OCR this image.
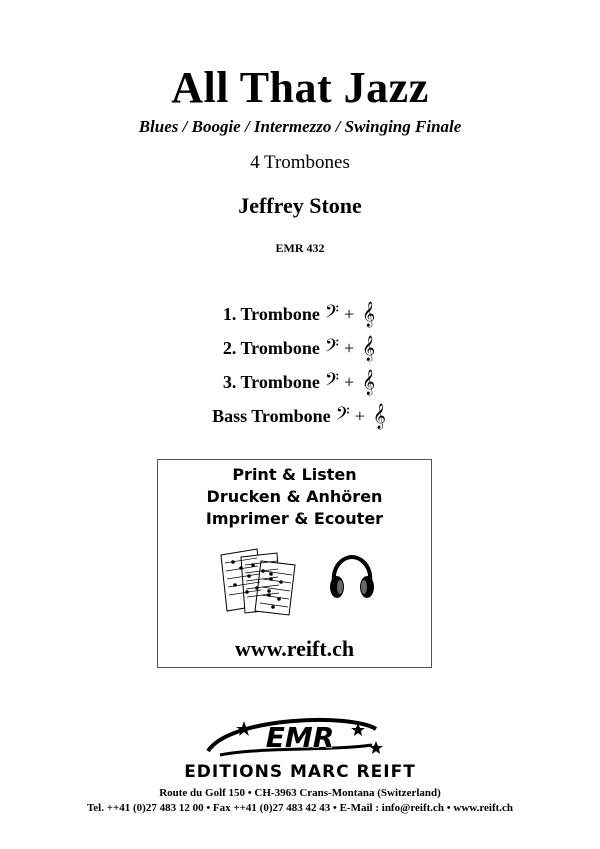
All That Jazz
Blues / Boogie / Intermezzo / Swinging Finale
4 Trombones
Jeffrey Stone
EMR 432
1. Trombone 𝄢 + 𝄞
2. Trombone 𝄢 + 𝄞
3. Trombone 𝄢 + 𝄞
Bass Trombone 𝄢 + 𝄞
Print & Listen
Drucken & Anhören
Imprimer & Ecouter
www.reift.ch
EMR
EDITIONS MARC REIFT
Route du Golf 150 • CH-3963 Crans-Montana (Switzerland)
Tel. ++41 (0)27 483 12 00 • Fax ++41 (0)27 483 42 43 • E-Mail : info@reift.ch • www.reift.ch
